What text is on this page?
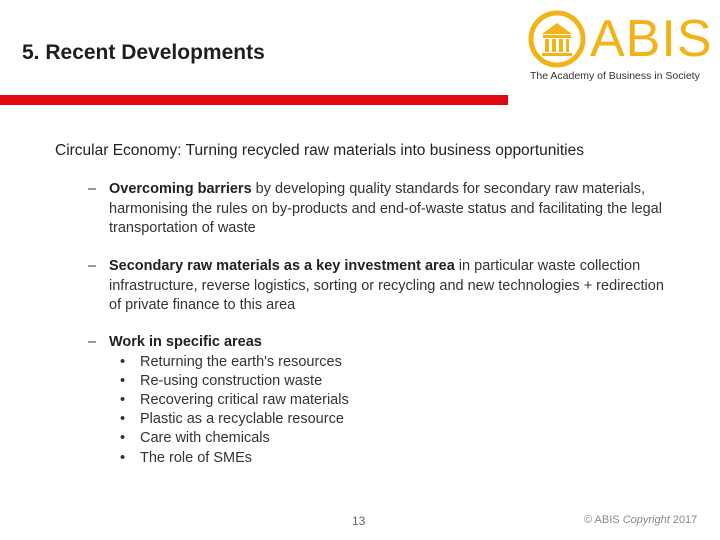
5. Recent Developments	ABIS
The Academy of Business in Society
Circular Economy: Turning recycled raw materials into business opportunities
– Overcoming barriers by developing quality standards for secondary raw materials, harmonising the rules on by-products and end-of-waste status and facilitating the legal transportation of waste
– Secondary raw materials as a key investment area in particular waste collection infrastructure, reverse logistics, sorting or recycling and new technologies + redirection of private finance to this area
– Work in specific areas
• Returning the earth's resources
• Re-using construction waste
• Recovering critical raw materials
• Plastic as a recyclable resource
• Care with chemicals
• The role of SMEs
13	© ABIS Copyright 2017
